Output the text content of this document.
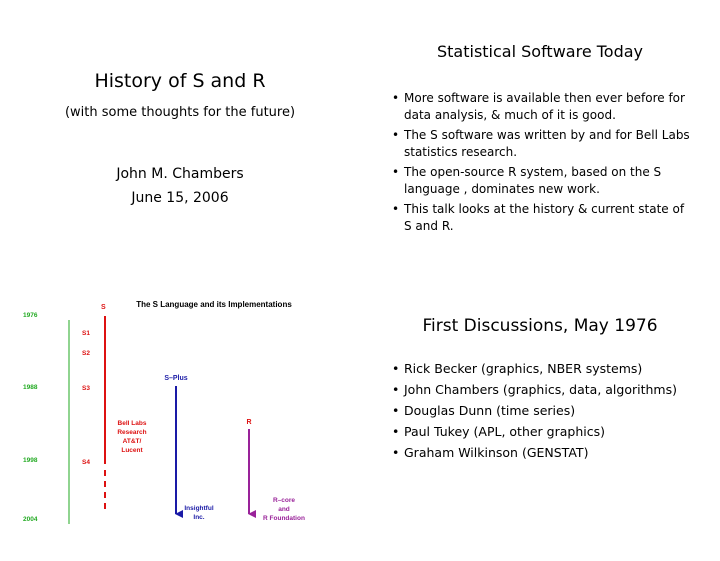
History of S and R
(with some thoughts for the future)
John M. Chambers
June 15, 2006
Statistical Software Today
• More software is available then ever before for data analysis, & much of it is good.
• The S software was written by and for Bell Labs statistics research.
• The open-source R system, based on the S language , dominates new work.
• This talk looks at the history & current state of S and R.
The S Language and its Implementations
1976
1988
1998
2004
S
S1
S2
S3
S4
Bell Labs
Research
AT&T/
Lucent
S–Plus
Insightful
Inc.
R
R–core
and
R Foundation
First Discussions, May 1976
• Rick Becker (graphics, NBER systems)
• John Chambers (graphics, data, algorithms)
• Douglas Dunn (time series)
• Paul Tukey (APL, other graphics)
• Graham Wilkinson (GENSTAT)
